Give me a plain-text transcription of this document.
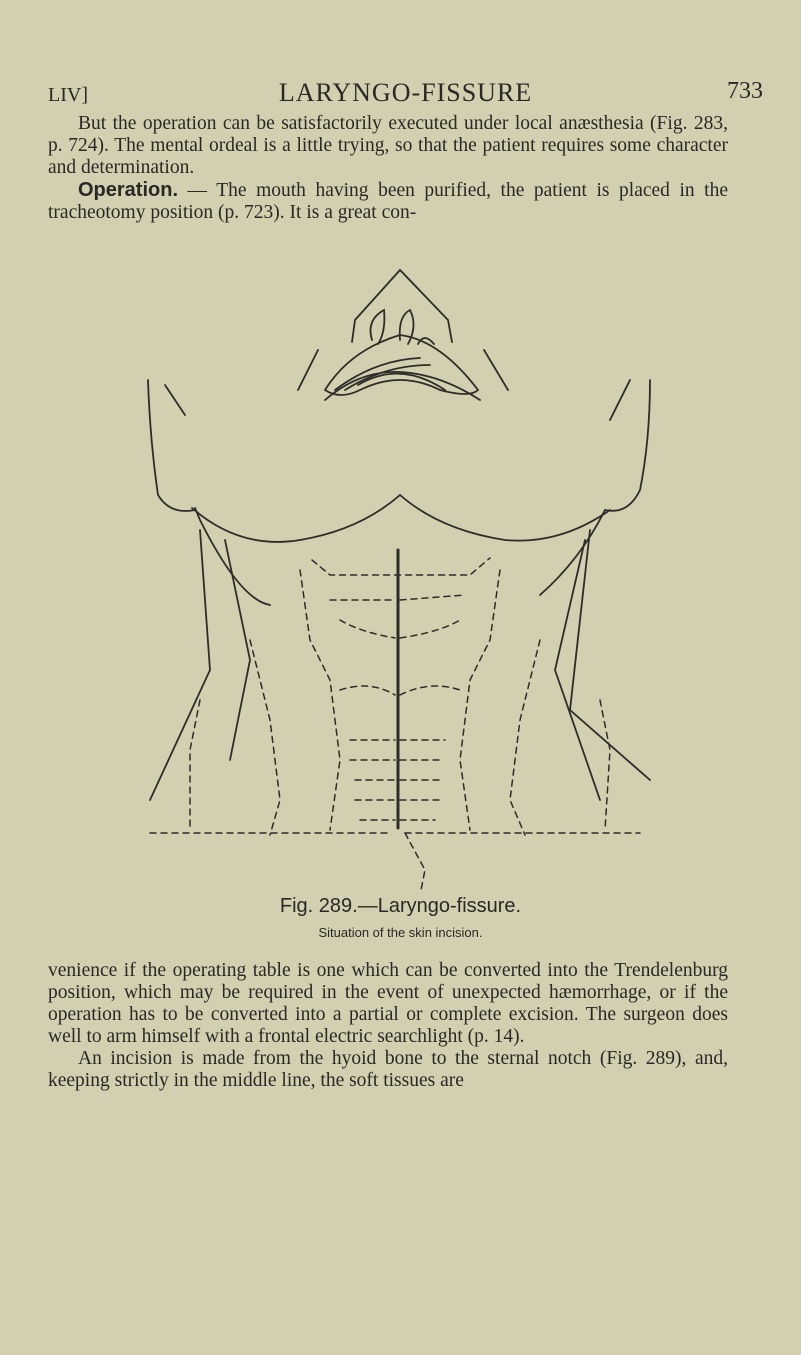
LIV]	LARYNGO-FISSURE	733

But the operation can be satisfactorily executed under local anæsthesia (Fig. 283, p. 724). The mental ordeal is a little trying, so that the patient requires some character and determination.

Operation. — The mouth having been purified, the patient is placed in the tracheotomy position (p. 723). It is a great con-

Fig. 289.—Laryngo-fissure.
Situation of the skin incision.

venience if the operating table is one which can be converted into the Trendelenburg position, which may be required in the event of unexpected hæmorrhage, or if the operation has to be converted into a partial or complete excision. The surgeon does well to arm himself with a frontal electric searchlight (p. 14).

An incision is made from the hyoid bone to the sternal notch (Fig. 289), and, keeping strictly in the middle line, the soft tissues are
